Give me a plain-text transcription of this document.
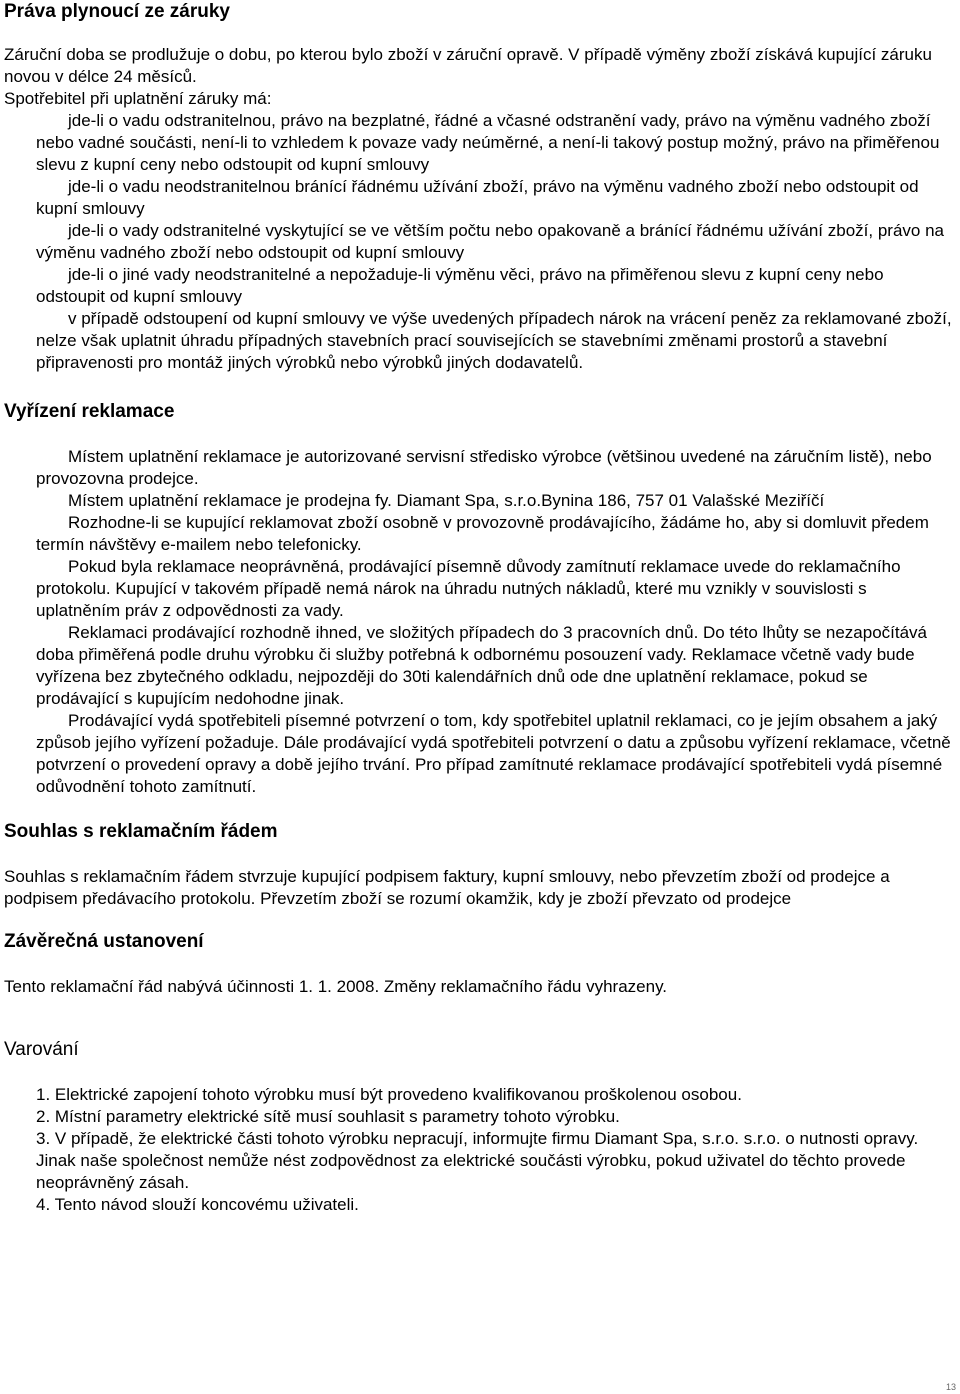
Práva plynoucí ze záruky

Záruční doba se prodlužuje o dobu, po kterou bylo zboží v záruční opravě. V případě výměny zboží získává kupující záruku novou v délce 24 měsíců.

Spotřebitel při uplatnění záruky má:

jde-li o vadu odstranitelnou, právo na bezplatné, řádné a včasné odstranění vady, právo na výměnu vadného zboží nebo vadné součásti, není-li to vzhledem k povaze vady neúměrné, a není-li takový postup možný, právo na přiměřenou slevu z kupní ceny nebo odstoupit od kupní smlouvy

jde-li o vadu neodstranitelnou bránící řádnému užívání zboží, právo na výměnu vadného zboží nebo odstoupit od kupní smlouvy

jde-li o vady odstranitelné vyskytující se ve větším počtu nebo opakovaně a bránící řádnému užívání zboží, právo na výměnu vadného zboží nebo odstoupit od kupní smlouvy

jde-li o jiné vady neodstranitelné a nepožaduje-li výměnu věci, právo na přiměřenou slevu z kupní ceny nebo odstoupit od kupní smlouvy

v případě odstoupení od kupní smlouvy ve výše uvedených případech nárok na vrácení peněz za reklamované zboží, nelze však uplatnit úhradu případných stavebních prací souvisejících se stavebními změnami prostorů a stavební připravenosti pro montáž jiných výrobků nebo výrobků jiných dodavatelů.

Vyřízení reklamace

Místem uplatnění reklamace je autorizované servisní středisko výrobce (většinou uvedené na záručním listě), nebo provozovna prodejce.

Místem uplatnění reklamace je prodejna fy. Diamant Spa, s.r.o.Bynina 186, 757 01 Valašské Meziříčí

Rozhodne-li se kupující reklamovat zboží osobně v provozovně prodávajícího, žádáme ho, aby si domluvit předem termín návštěvy e-mailem nebo telefonicky.

Pokud byla reklamace neoprávněná, prodávající písemně důvody zamítnutí reklamace uvede do reklamačního protokolu. Kupující v takovém případě nemá nárok na úhradu nutných nákladů, které mu vznikly v souvislosti s uplatněním práv z odpovědnosti za vady.

Reklamaci prodávající rozhodně ihned, ve složitých případech do 3 pracovních dnů. Do této lhůty se nezapočítává doba přiměřená podle druhu výrobku či služby potřebná k odbornému posouzení vady. Reklamace včetně vady bude vyřízena bez zbytečného odkladu, nejpozději do 30ti kalendářních dnů ode dne uplatnění reklamace, pokud se prodávající s kupujícím nedohodne jinak.

Prodávající vydá spotřebiteli písemné potvrzení o tom, kdy spotřebitel uplatnil reklamaci, co je jejím obsahem a jaký způsob jejího vyřízení požaduje. Dále prodávající vydá spotřebiteli potvrzení o datu a způsobu vyřízení reklamace, včetně potvrzení o provedení opravy a době jejího trvání. Pro případ zamítnuté reklamace prodávající spotřebiteli vydá písemné odůvodnění tohoto zamítnutí.

Souhlas s reklamačním řádem

Souhlas s reklamačním řádem stvrzuje kupující podpisem faktury, kupní smlouvy, nebo převzetím zboží od prodejce a podpisem předávacího protokolu. Převzetím zboží se rozumí okamžik, kdy je zboží převzato od prodejce

Závěrečná ustanovení

Tento reklamační řád nabývá účinnosti 1. 1. 2008. Změny reklamačního řádu vyhrazeny.

Varování

1. Elektrické zapojení tohoto výrobku musí být provedeno kvalifikovanou proškolenou osobou.

2. Místní parametry elektrické sítě musí souhlasit s parametry tohoto výrobku.

3. V případě, že elektrické části tohoto výrobku nepracují, informujte firmu Diamant Spa, s.r.o. s.r.o. o nutnosti opravy. Jinak naše společnost nemůže nést zodpovědnost za elektrické součásti výrobku, pokud uživatel do těchto provede neoprávněný zásah.

4. Tento návod slouží koncovému uživateli.

13
